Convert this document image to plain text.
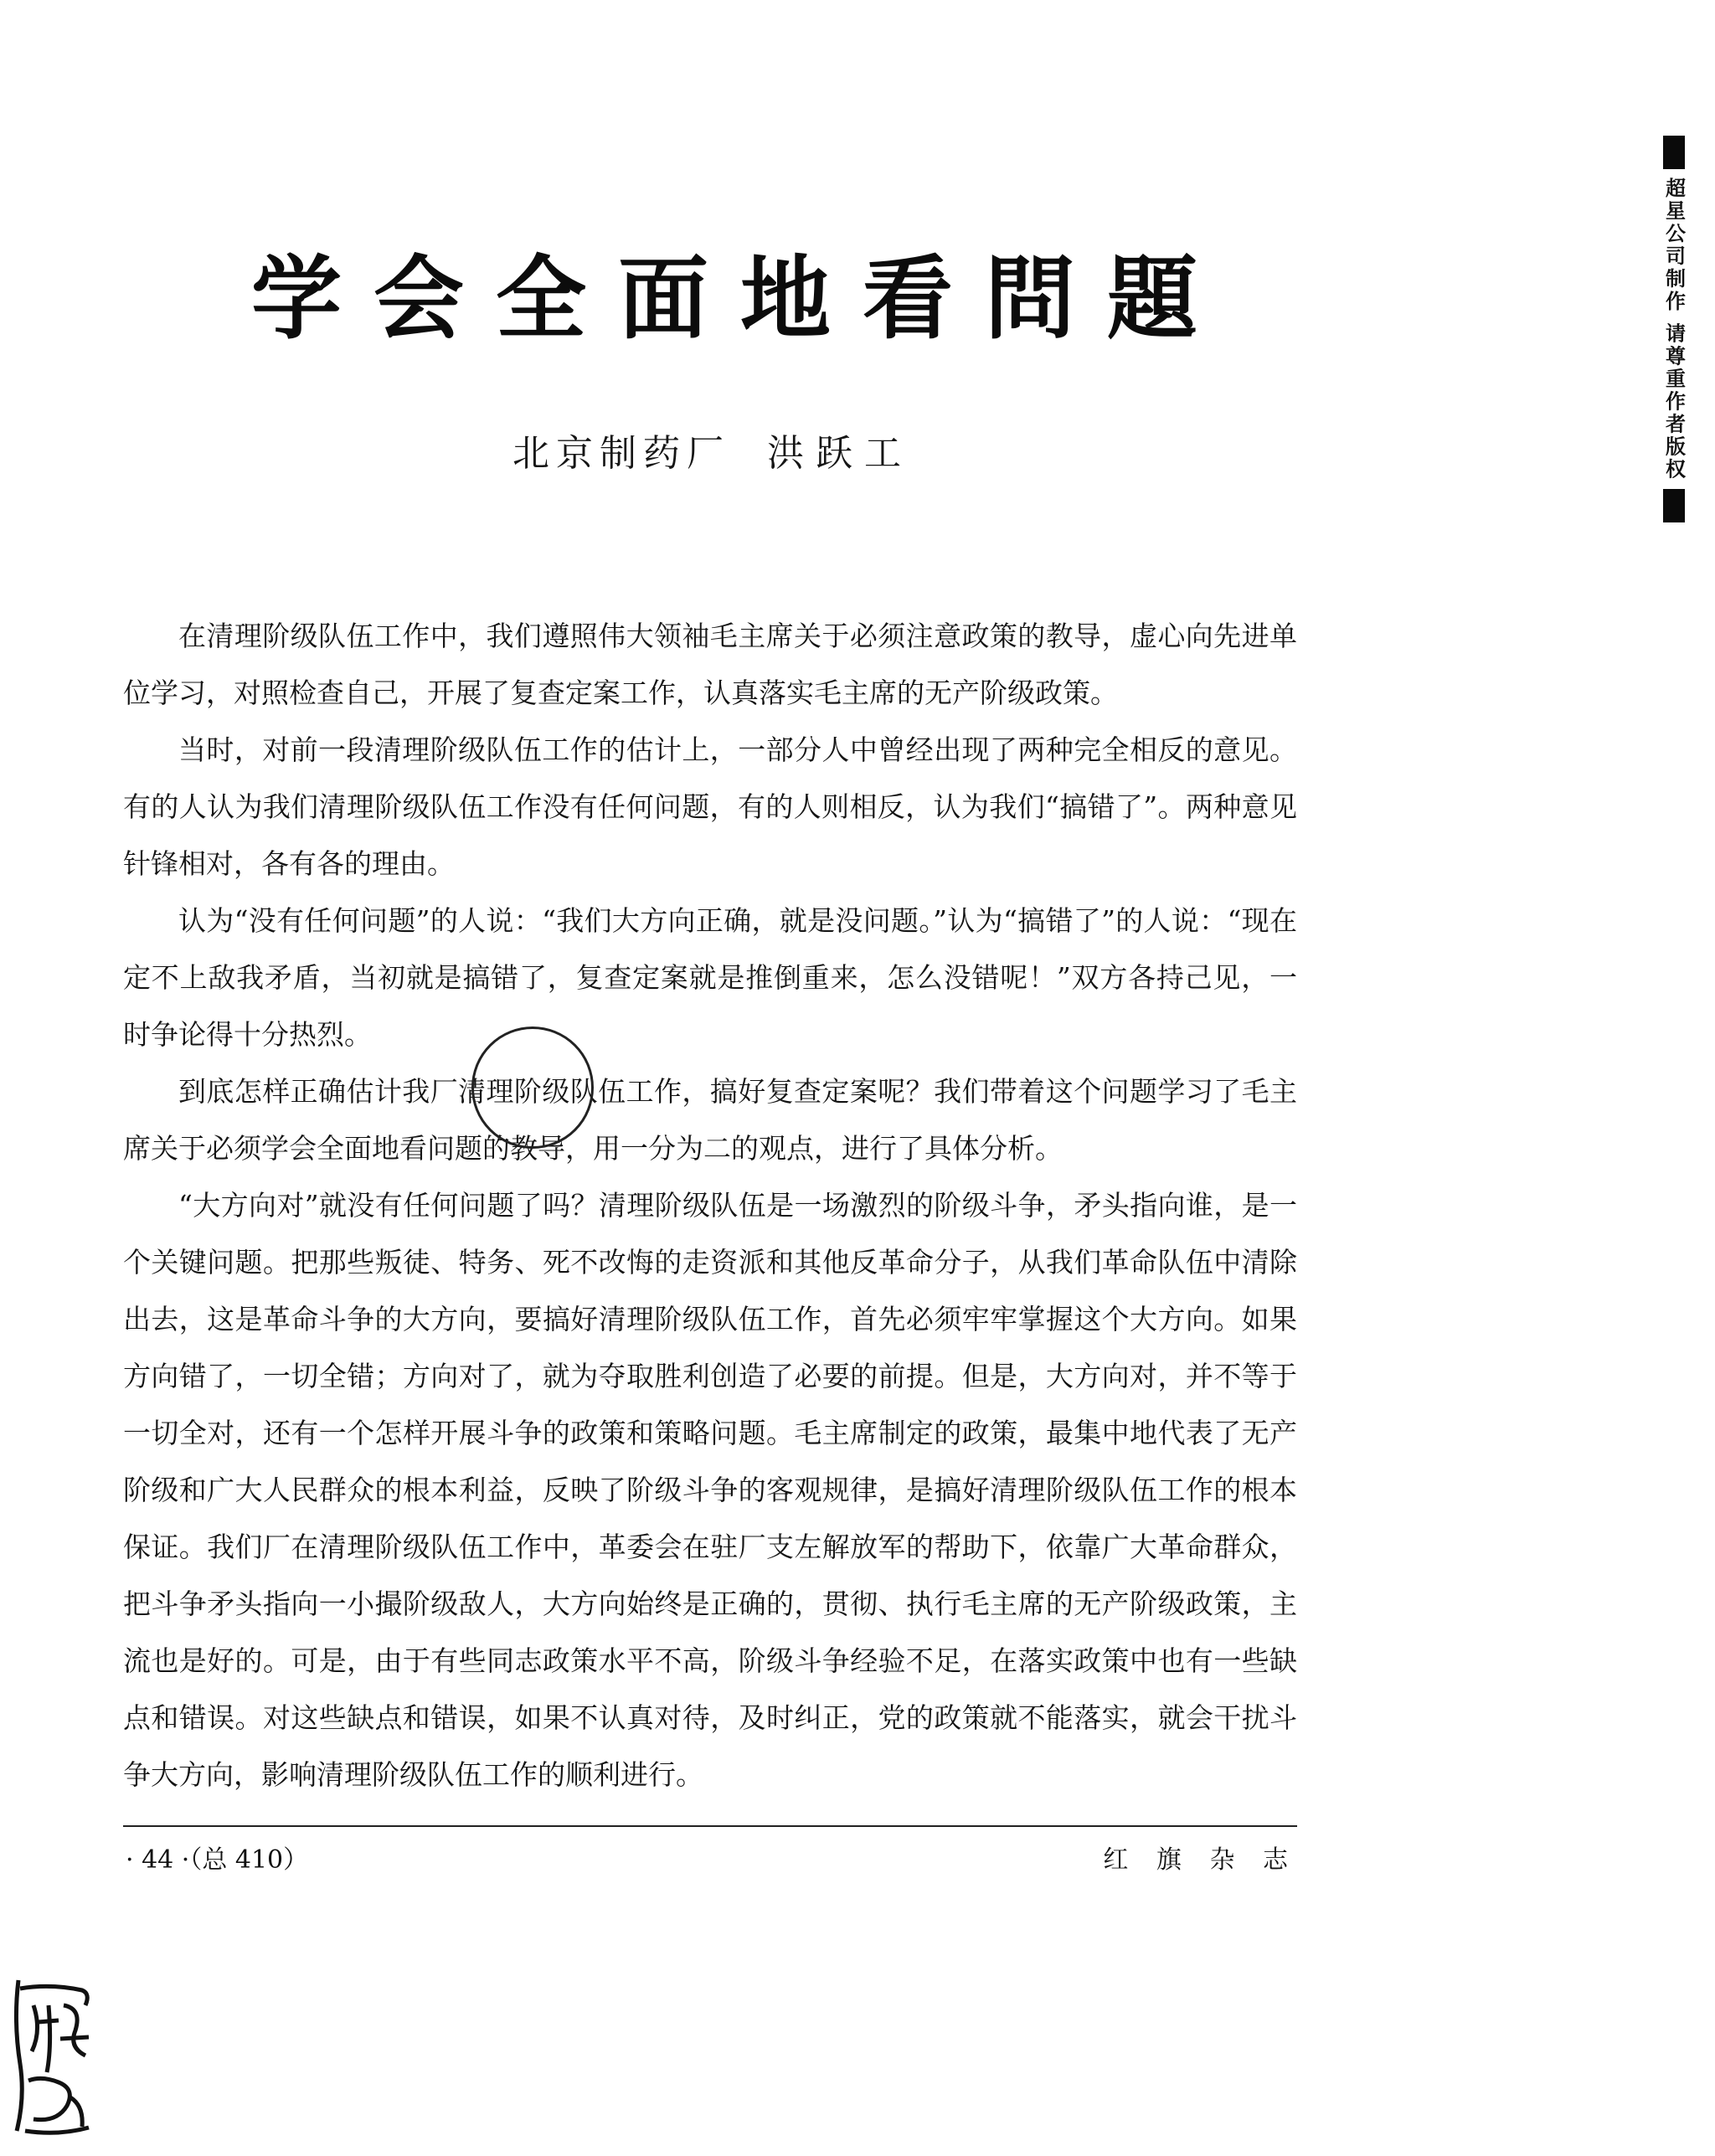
超星公司制作 请尊重作者版权
学会全面地看問題
北京制药厂 洪跃工

在清理阶级队伍工作中，我们遵照伟大领袖毛主席关于必须注意政策的教导，虚心向先进单位学习，对照检查自己，开展了复查定案工作，认真落实毛主席的无产阶级政策。

当时，对前一段清理阶级队伍工作的估计上，一部分人中曾经出现了两种完全相反的意见。有的人认为我们清理阶级队伍工作没有任何问题，有的人则相反，认为我们“搞错了”。两种意见针锋相对，各有各的理由。

认为“没有任何问题”的人说：“我们大方向正确，就是没问题。”认为“搞错了”的人说：“现在定不上敌我矛盾，当初就是搞错了，复查定案就是推倒重来，怎么没错呢！”双方各持己见，一时争论得十分热烈。

到底怎样正确估计我厂清理阶级队伍工作，搞好复查定案呢？我们带着这个问题学习了毛主席关于必须学会全面地看问题的教导，用一分为二的观点，进行了具体分析。

“大方向对”就没有任何问题了吗？清理阶级队伍是一场激烈的阶级斗争，矛头指向谁，是一个关键问题。把那些叛徒、特务、死不改悔的走资派和其他反革命分子，从我们革命队伍中清除出去，这是革命斗争的大方向，要搞好清理阶级队伍工作，首先必须牢牢掌握这个大方向。如果方向错了，一切全错；方向对了，就为夺取胜利创造了必要的前提。但是，大方向对，并不等于一切全对，还有一个怎样开展斗争的政策和策略问题。毛主席制定的政策，最集中地代表了无产阶级和广大人民群众的根本利益，反映了阶级斗争的客观规律，是搞好清理阶级队伍工作的根本保证。我们厂在清理阶级队伍工作中，革委会在驻厂支左解放军的帮助下，依靠广大革命群众，把斗争矛头指向一小撮阶级敌人，大方向始终是正确的，贯彻、执行毛主席的无产阶级政策，主流也是好的。可是，由于有些同志政策水平不高，阶级斗争经验不足，在落实政策中也有一些缺点和错误。对这些缺点和错误，如果不认真对待，及时纠正，党的政策就不能落实，就会干扰斗争大方向，影响清理阶级队伍工作的顺利进行。

· 44 ·（总 410）	红 旗 杂 志
